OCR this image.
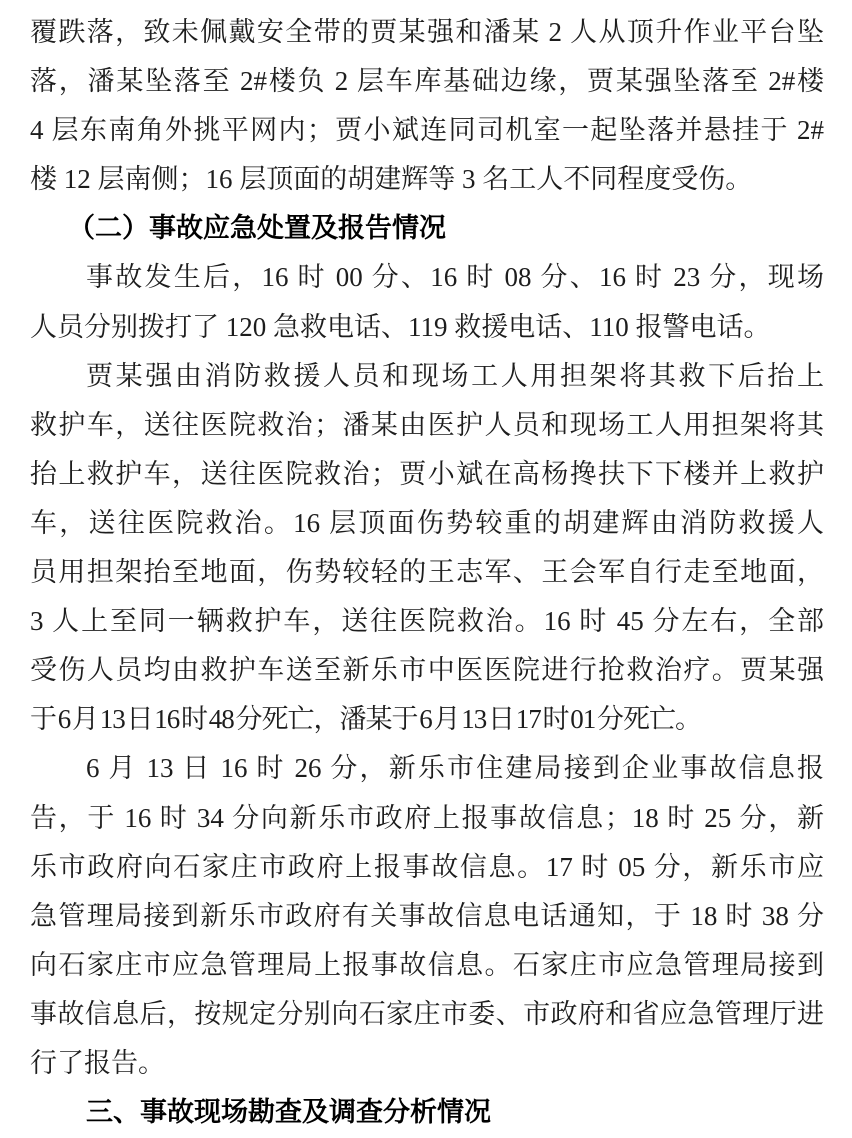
覆跌落，致未佩戴安全带的贾某强和潘某 2 人从顶升作业平台坠
落，潘某坠落至 2#楼负 2 层车库基础边缘，贾某强坠落至 2#楼
4 层东南角外挑平网内；贾小斌连同司机室一起坠落并悬挂于 2#
楼 12 层南侧；16 层顶面的胡建辉等 3 名工人不同程度受伤。
（二）事故应急处置及报告情况
事故发生后，16 时 00 分、16 时 08 分、16 时 23 分，现场
人员分别拨打了 120 急救电话、119 救援电话、110 报警电话。
贾某强由消防救援人员和现场工人用担架将其救下后抬上
救护车，送往医院救治；潘某由医护人员和现场工人用担架将其
抬上救护车，送往医院救治；贾小斌在高杨搀扶下下楼并上救护
车，送往医院救治。16 层顶面伤势较重的胡建辉由消防救援人
员用担架抬至地面，伤势较轻的王志军、王会军自行走至地面，
3 人上至同一辆救护车，送往医院救治。16 时 45 分左右，全部
受伤人员均由救护车送至新乐市中医医院进行抢救治疗。贾某强
于 6 月 13 日 16 时 48 分死亡，潘某于 6 月 13 日 17 时 01 分死亡。
6 月 13 日 16 时 26 分，新乐市住建局接到企业事故信息报
告，于 16 时 34 分向新乐市政府上报事故信息；18 时 25 分，新
乐市政府向石家庄市政府上报事故信息。17 时 05 分，新乐市应
急管理局接到新乐市政府有关事故信息电话通知，于 18 时 38 分
向石家庄市应急管理局上报事故信息。石家庄市应急管理局接到
事故信息后，按规定分别向石家庄市委、市政府和省应急管理厅进
行了报告。
三、事故现场勘查及调查分析情况
